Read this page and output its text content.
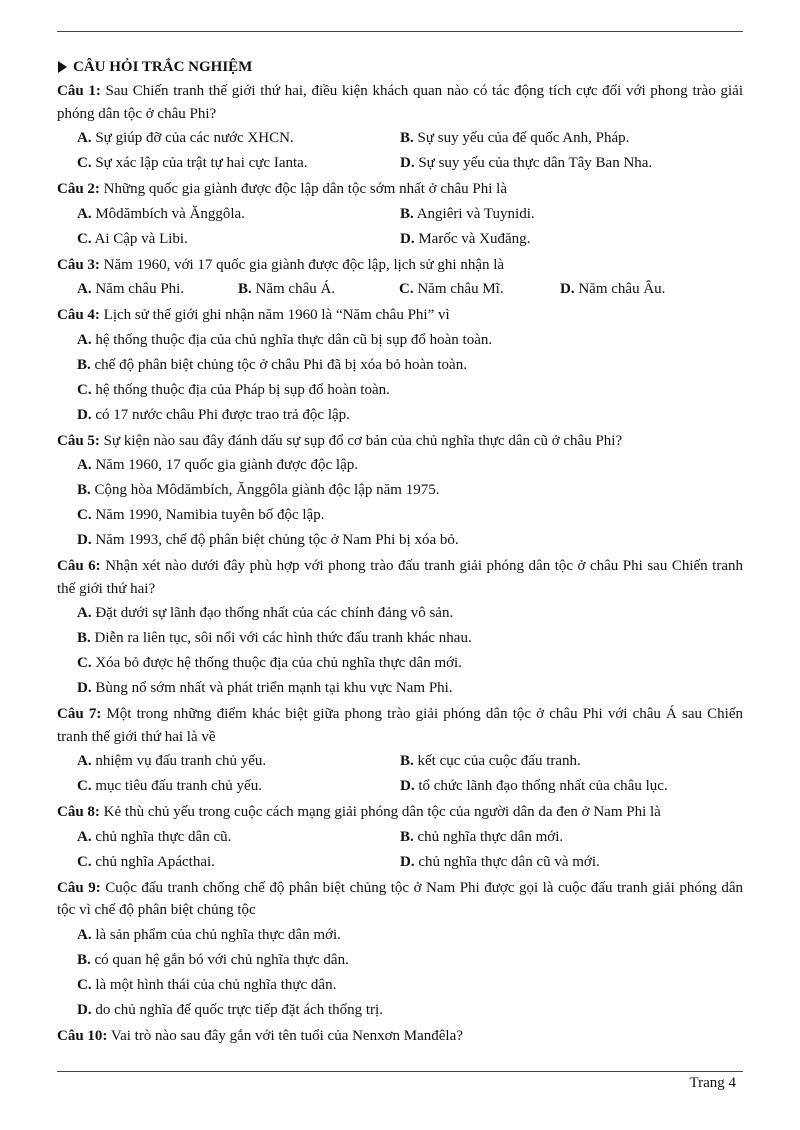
CÂU HỎI TRẮC NGHIỆM
Câu 1: Sau Chiến tranh thế giới thứ hai, điều kiện khách quan nào có tác động tích cực đối với phong trào giải phóng dân tộc ở châu Phi?
A. Sự giúp đỡ của các nước XHCN.	B. Sự suy yếu của đế quốc Anh, Pháp.
C. Sự xác lập của trật tự hai cực Ianta.	D. Sự suy yếu của thực dân Tây Ban Nha.
Câu 2: Những quốc gia giành được độc lập dân tộc sớm nhất ở châu Phi là
A. Môdămbích và Ănggôla.	B. Angiêri và Tuynidi.
C. Ai Cập và Libi.	D. Marốc và Xuđăng.
Câu 3: Năm 1960, với 17 quốc gia giành được độc lập, lịch sử ghi nhận là
A. Năm châu Phi.	B. Năm châu Á.	C. Năm châu Mĩ.	D. Năm châu Âu.
Câu 4: Lịch sử thế giới ghi nhận năm 1960 là “Năm châu Phi” vì
A. hệ thống thuộc địa của chủ nghĩa thực dân cũ bị sụp đổ hoàn toàn.
B. chế độ phân biệt chủng tộc ở châu Phi đã bị xóa bỏ hoàn toàn.
C. hệ thống thuộc địa của Pháp bị sụp đổ hoàn toàn.
D. có 17 nước châu Phi được trao trả độc lập.
Câu 5: Sự kiện nào sau đây đánh dấu sự sụp đổ cơ bản của chủ nghĩa thực dân cũ ở châu Phi?
A. Năm 1960, 17 quốc gia giành được độc lập.
B. Cộng hòa Môdămbích, Ănggôla giành độc lập năm 1975.
C. Năm 1990, Namibia tuyên bố độc lập.
D. Năm 1993, chế độ phân biệt chủng tộc ở Nam Phi bị xóa bỏ.
Câu 6: Nhận xét nào dưới đây phù hợp với phong trào đấu tranh giải phóng dân tộc ở châu Phi sau Chiến tranh thế giới thứ hai?
A. Đặt dưới sự lãnh đạo thống nhất của các chính đảng vô sản.
B. Diễn ra liên tục, sôi nổi với các hình thức đấu tranh khác nhau.
C. Xóa bỏ được hệ thống thuộc địa của chủ nghĩa thực dân mới.
D. Bùng nổ sớm nhất và phát triển mạnh tại khu vực Nam Phi.
Câu 7: Một trong những điểm khác biệt giữa phong trào giải phóng dân tộc ở châu Phi với châu Á sau Chiến tranh thế giới thứ hai là về
A. nhiệm vụ đấu tranh chủ yếu.	B. kết cục của cuộc đấu tranh.
C. mục tiêu đấu tranh chủ yếu.	D. tổ chức lãnh đạo thống nhất của châu lục.
Câu 8: Kẻ thù chủ yếu trong cuộc cách mạng giải phóng dân tộc của người dân da đen ở Nam Phi là
A. chủ nghĩa thực dân cũ.	B. chủ nghĩa thực dân mới.
C. chủ nghĩa Apácthai.	D. chủ nghĩa thực dân cũ và mới.
Câu 9: Cuộc đấu tranh chống chế độ phân biệt chủng tộc ở Nam Phi được gọi là cuộc đấu tranh giải phóng dân tộc vì chế độ phân biệt chủng tộc
A. là sản phẩm của chủ nghĩa thực dân mới.
B. có quan hệ gắn bó với chủ nghĩa thực dân.
C. là một hình thái của chủ nghĩa thực dân.
D. do chủ nghĩa đế quốc trực tiếp đặt ách thống trị.
Câu 10: Vai trò nào sau đây gắn với tên tuổi của Nenxơn Manđêla?
Trang 4
